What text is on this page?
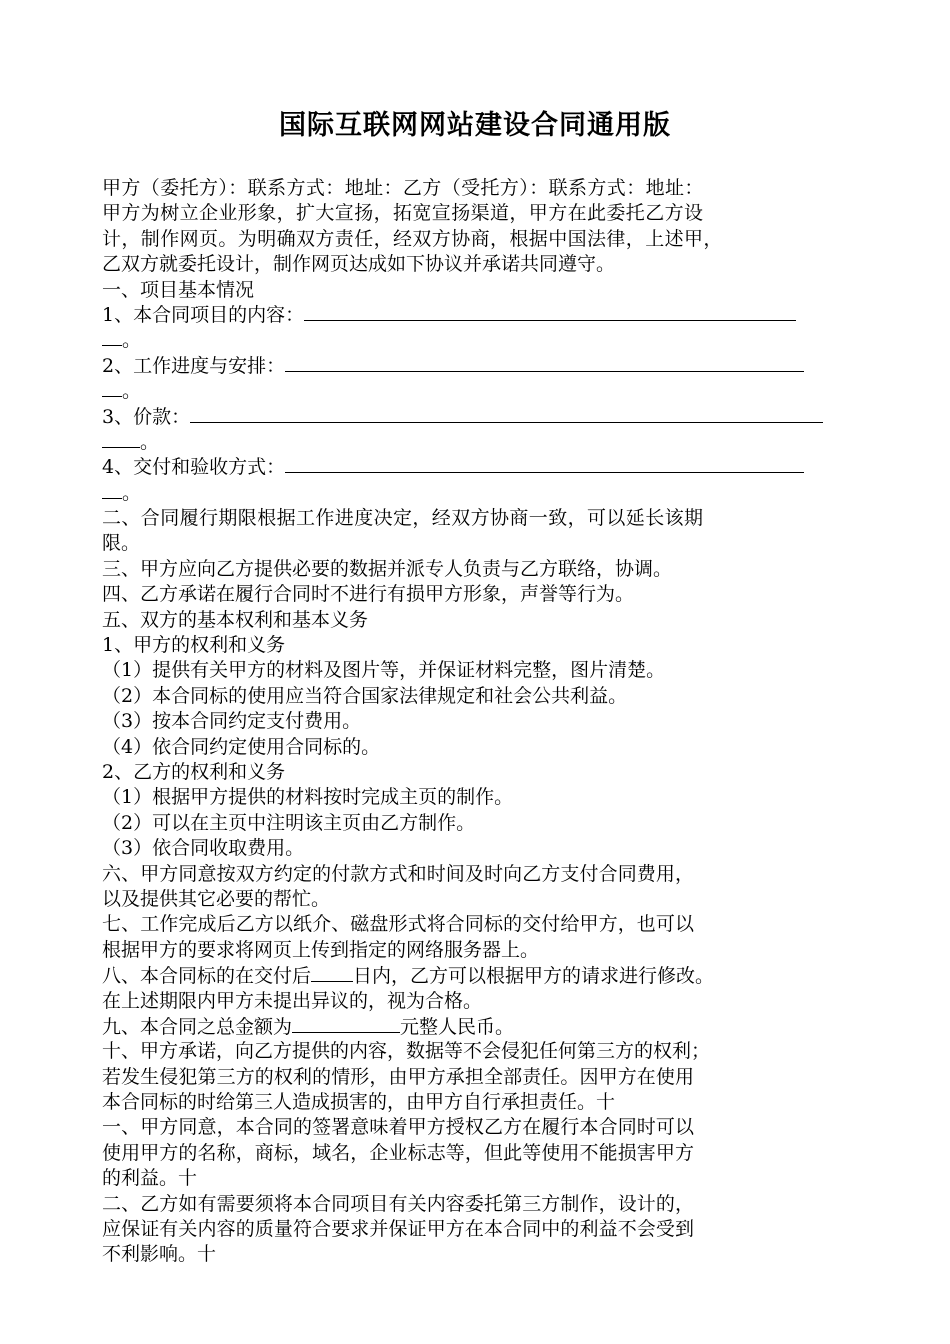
国际互联网网站建设合同通用版
甲方（委托方）：联系方式：地址：乙方（受托方）：联系方式：地址：
甲方为树立企业形象，扩大宣扬，拓宽宣扬渠道，甲方在此委托乙方设
计，制作网页。为明确双方责任，经双方协商，根据中国法律，上述甲，
乙双方就委托设计，制作网页达成如下协议并承诺共同遵守。
一、项目基本情况
1、本合同项目的内容：
。
2、工作进度与安排：
。
3、价款：
。
4、交付和验收方式：
。
二、合同履行期限根据工作进度决定，经双方协商一致，可以延长该期
限。
三、甲方应向乙方提供必要的数据并派专人负责与乙方联络，协调。
四、乙方承诺在履行合同时不进行有损甲方形象，声誉等行为。
五、双方的基本权利和基本义务
1、甲方的权利和义务
（1）提供有关甲方的材料及图片等，并保证材料完整，图片清楚。
（2）本合同标的使用应当符合国家法律规定和社会公共利益。
（3）按本合同约定支付费用。
（4）依合同约定使用合同标的。
2、乙方的权利和义务
（1）根据甲方提供的材料按时完成主页的制作。
（2）可以在主页中注明该主页由乙方制作。
（3）依合同收取费用。
六、甲方同意按双方约定的付款方式和时间及时向乙方支付合同费用，
以及提供其它必要的帮忙。
七、工作完成后乙方以纸介、磁盘形式将合同标的交付给甲方，也可以
根据甲方的要求将网页上传到指定的网络服务器上。
八、本合同标的在交付后 日内，乙方可以根据甲方的请求进行修改。
在上述期限内甲方未提出异议的，视为合格。
九、本合同之总金额为	元整人民币。
十、甲方承诺，向乙方提供的内容，数据等不会侵犯任何第三方的权利；
若发生侵犯第三方的权利的情形，由甲方承担全部责任。因甲方在使用
本合同标的时给第三人造成损害的，由甲方自行承担责任。十
一、甲方同意，本合同的签署意味着甲方授权乙方在履行本合同时可以
使用甲方的名称，商标，域名，企业标志等，但此等使用不能损害甲方
的利益。十
二、乙方如有需要须将本合同项目有关内容委托第三方制作，设计的，
应保证有关内容的质量符合要求并保证甲方在本合同中的利益不会受到
不利影响。十
